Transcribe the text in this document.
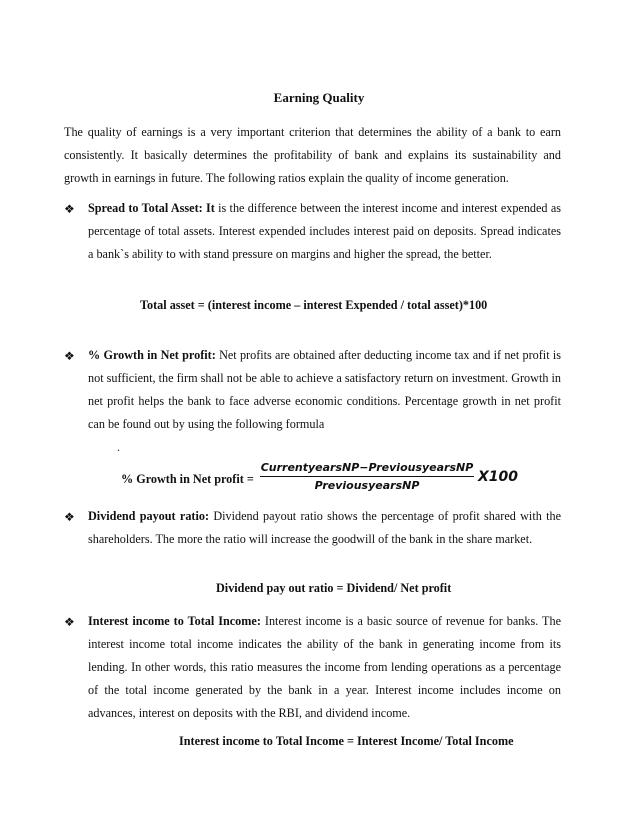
Earning Quality
The quality of earnings is a very important criterion that determines the ability of a bank to earn consistently. It basically determines the profitability of bank and explains its sustainability and growth in earnings in future. The following ratios explain the quality of income generation.
❖ Spread to Total Asset: It is the difference between the interest income and interest expended as percentage of total assets. Interest expended includes interest paid on deposits. Spread indicates a bank`s ability to with stand pressure on margins and higher the spread, the better.
Total asset = (interest income – interest Expended / total asset)*100
❖ % Growth in Net profit: Net profits are obtained after deducting income tax and if net profit is not sufficient, the firm shall not be able to achieve a satisfactory return on investment. Growth in net profit helps the bank to face adverse economic conditions. Percentage growth in net profit can be found out by using the following formula
.
% Growth in Net profit =
CurrentyearsNP−PreviousyearsNP
PreviousyearsNP
X100
❖ Dividend payout ratio: Dividend payout ratio shows the percentage of profit shared with the shareholders. The more the ratio will increase the goodwill of the bank in the share market.
Dividend pay out ratio = Dividend/ Net profit
❖ Interest income to Total Income: Interest income is a basic source of revenue for banks. The interest income total income indicates the ability of the bank in generating income from its lending. In other words, this ratio measures the income from lending operations as a percentage of the total income generated by the bank in a year. Interest income includes income on advances, interest on deposits with the RBI, and dividend income.
Interest income to Total Income = Interest Income/ Total Income
